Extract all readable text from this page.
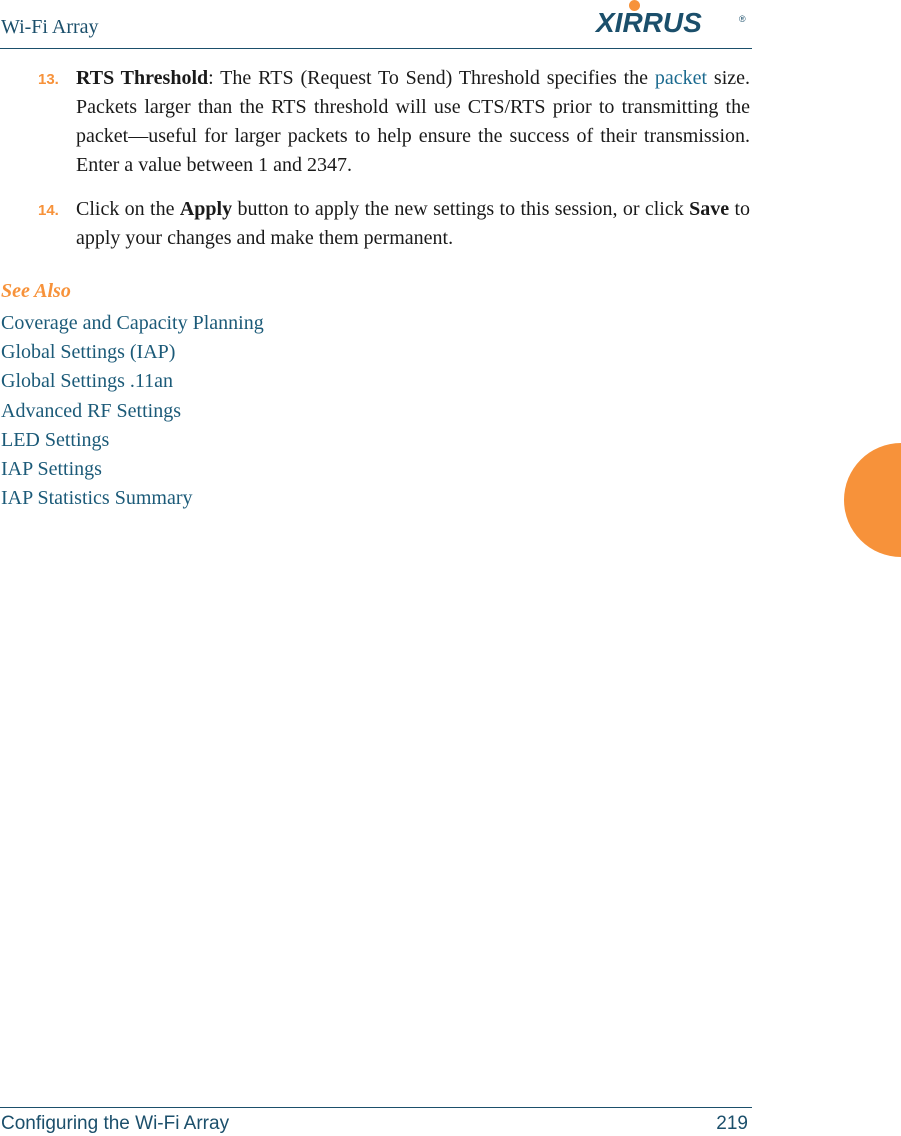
Wi-Fi Array	XIRRUS	®
13. RTS Threshold: The RTS (Request To Send) Threshold specifies the packet size. Packets larger than the RTS threshold will use CTS/RTS prior to transmitting the packet—useful for larger packets to help ensure the success of their transmission. Enter a value between 1 and 2347.
14. Click on the Apply button to apply the new settings to this session, or click Save to apply your changes and make them permanent.
See Also
Coverage and Capacity Planning
Global Settings (IAP)
Global Settings .11an
Advanced RF Settings
LED Settings
IAP Settings
IAP Statistics Summary
Configuring the Wi-Fi Array	219
